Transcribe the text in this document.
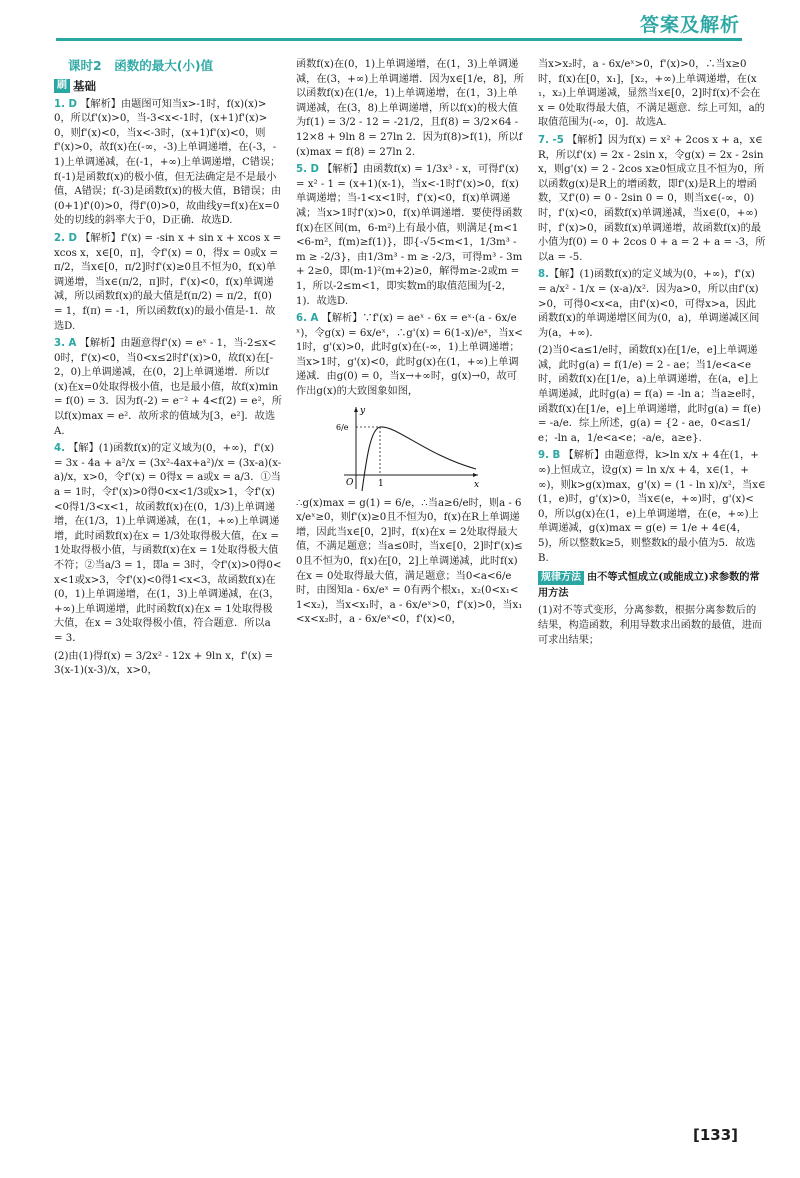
答案及解析
课时2　函数的最大(小)值
刷 基础

1. D 【解析】由题图可知当x>-1时，f(x)(x)>0，所以f'(x)>0，当-3<x<-1时，(x+1)f'(x)>0，则f'(x)<0，当x<-3时，(x+1)f'(x)<0，则f'(x)>0，故f(x)在(-∞，-3)上单调递增，在(-3，-1)上单调递减，在(-1，+∞)上单调递增，C错误；f(-1)是函数f(x)的极小值，但无法确定是不是最小值，A错误；f(-3)是函数f(x)的极大值，B错误；由(0+1)f'(0)>0，得f'(0)>0，故曲线y=f(x)在x=0处的切线的斜率大于0，D正确．故选D.

2. D 【解析】f'(x) = -sin x + sin x + xcos x = xcos x，x∈[0，π]，令f'(x) = 0，得x = 0或x = π/2，当x∈[0，π/2]时f'(x)≥0且不恒为0，f(x)单调递增，当x∈(π/2，π]时，f'(x)<0，f(x)单调递减，所以函数f(x)的最大值是f(π/2) = π/2，f(0) = 1，f(π) = -1，所以函数f(x)的最小值是-1．故选D.

3. A 【解析】由题意得f'(x) = eˣ - 1，当-2≤x<0时，f'(x)<0，当0<x≤2时f'(x)>0，故f(x)在[-2，0)上单调递减，在(0，2]上单调递增．所以f(x)在x=0处取得极小值，也是最小值，故f(x)min = f(0) = 3．因为f(-2) = e⁻² + 4<f(2) = e²，所以f(x)max = e²．故所求的值域为[3，e²]．故选A.

4. 【解】(1)函数f(x)的定义域为(0，+∞)，f'(x) = 3x - 4a + a²/x = (3x²-4ax+a²)/x = (3x-a)(x-a)/x，x>0，令f'(x) = 0得x = a或x = a/3．①当a = 1时，令f'(x)>0得0<x<1/3或x>1，令f'(x)<0得1/3<x<1，故函数f(x)在(0，1/3)上单调递增，在(1/3，1)上单调递减，在(1，+∞)上单调递增，此时函数f(x)在x = 1/3处取得极大值，在x = 1处取得极小值，与函数f(x)在x = 1处取得极大值不符；②当a/3 = 1，即a = 3时，令f'(x)>0得0<x<1或x>3，令f'(x)<0得1<x<3，故函数f(x)在(0，1)上单调递增，在(1，3)上单调递减，在(3，+∞)上单调递增，此时函数f(x)在x = 1处取得极大值，在x = 3处取得极小值，符合题意．所以a = 3．

(2)由(1)得f(x) = 3/2x² - 12x + 9ln x，f'(x) = 3(x-1)(x-3)/x，x>0，

函数f(x)在(0，1)上单调递增，在(1，3)上单调递减，在(3，+∞)上单调递增．因为x∈[1/e，8]，所以函数f(x)在(1/e，1)上单调递增，在(1，3)上单调递减，在(3，8)上单调递增，所以f(x)的极大值为f(1) = 3/2 - 12 = -21/2，且f(8) = 3/2×64 - 12×8 + 9ln 8 = 27ln 2．因为f(8)>f(1)，所以f(x)max = f(8) = 27ln 2.

5. D 【解析】由函数f(x) = 1/3x³ - x，可得f'(x) = x² - 1 = (x+1)(x-1)，当x<-1时f'(x)>0，f(x)单调递增；当-1<x<1时，f'(x)<0，f(x)单调递减；当x>1时f'(x)>0，f(x)单调递增．要使得函数f(x)在区间(m，6-m²)上有最小值，则满足{m<1<6-m²，f(m)≥f(1)}，即{-√5<m<1，1/3m³ - m ≥ -2/3}，由1/3m³ - m ≥ -2/3，可得m³ - 3m + 2≥0，即(m-1)²(m+2)≥0，解得m≥-2或m = 1，所以-2≤m<1，即实数m的取值范围为[-2，1)．故选D.

6. A 【解析】∵f'(x) = aeˣ - 6x = eˣ·(a - 6x/eˣ)，令g(x) = 6x/eˣ，∴g'(x) = 6(1-x)/eˣ，当x<1时，g'(x)>0，此时g(x)在(-∞，1)上单调递增；当x>1时，g'(x)<0，此时g(x)在(1，+∞)上单调递减．由g(0) = 0，当x→+∞时，g(x)→0，故可作出g(x)的大致图象如图，

y
x
O	1
6/e

∴g(x)max = g(1) = 6/e，∴当a≥6/e时，则a - 6x/eˣ≥0，则f'(x)≥0且不恒为0，f(x)在R上单调递增，因此当x∈[0，2]时，f(x)在x = 2处取得最大值，不满足题意；当a≤0时，当x∈[0，2]时f'(x)≤0且不恒为0，f(x)在[0，2]上单调递减，此时f(x)在x = 0处取得最大值，满足题意；当0<a<6/e时，由图知a - 6x/eˣ = 0有两个根x₁，x₂(0<x₁<1<x₂)，当x<x₁时，a - 6x/eˣ>0，f'(x)>0，当x₁<x<x₂时，a - 6x/eˣ<0，f'(x)<0，

当x>x₂时，a - 6x/eˣ>0，f'(x)>0，∴当x≥0时，f(x)在[0，x₁]，[x₂，+∞)上单调递增，在(x₁，x₂)上单调递减，显然当x∈[0，2]时f(x)不会在x = 0处取得最大值，不满足题意．综上可知，a的取值范围为(-∞，0]．故选A.

7. -5 【解析】因为f(x) = x² + 2cos x + a，x∈R，所以f'(x) = 2x - 2sin x，令g(x) = 2x - 2sin x，则g'(x) = 2 - 2cos x≥0恒成立且不恒为0，所以函数g(x)是R上的增函数，即f'(x)是R上的增函数，又f'(0) = 0 - 2sin 0 = 0，则当x∈(-∞，0)时，f'(x)<0，函数f(x)单调递减，当x∈(0，+∞)时，f'(x)>0，函数f(x)单调递增，故函数f(x)的最小值为f(0) = 0 + 2cos 0 + a = 2 + a = -3，所以a = -5.

8.【解】(1)函数f(x)的定义域为(0，+∞)，f'(x) = a/x² - 1/x = (x-a)/x²．因为a>0，所以由f'(x)>0，可得0<x<a，由f'(x)<0，可得x>a，因此函数f(x)的单调递增区间为(0，a)，单调递减区间为(a，+∞)．

(2)当0<a≤1/e时，函数f(x)在[1/e，e]上单调递减，此时g(a) = f(1/e) = 2 - ae；当1/e<a<e时，函数f(x)在[1/e，a)上单调递增，在(a，e]上单调递减，此时g(a) = f(a) = -ln a；当a≥e时，函数f(x)在[1/e，e]上单调递增，此时g(a) = f(e) = -a/e．综上所述，g(a) = {2 - ae，0<a≤1/e；-ln a，1/e<a<e；-a/e，a≥e}.

9. B 【解析】由题意得，k>ln x/x + 4在(1，+∞)上恒成立，设g(x) = ln x/x + 4，x∈(1，+∞)，则k>g(x)max，g'(x) = (1 - ln x)/x²，当x∈(1，e)时，g'(x)>0，当x∈(e，+∞)时，g'(x)<0，所以g(x)在(1，e)上单调递增，在(e，+∞)上单调递减，g(x)max = g(e) = 1/e + 4∈(4，5)，所以整数k≥5，则整数k的最小值为5．故选B.

规律方法 由不等式恒成立(或能成立)求参数的常用方法

(1)对不等式变形，分离参数，根据分离参数后的结果，构造函数，利用导数求出函数的最值，进而可求出结果；

[133]
